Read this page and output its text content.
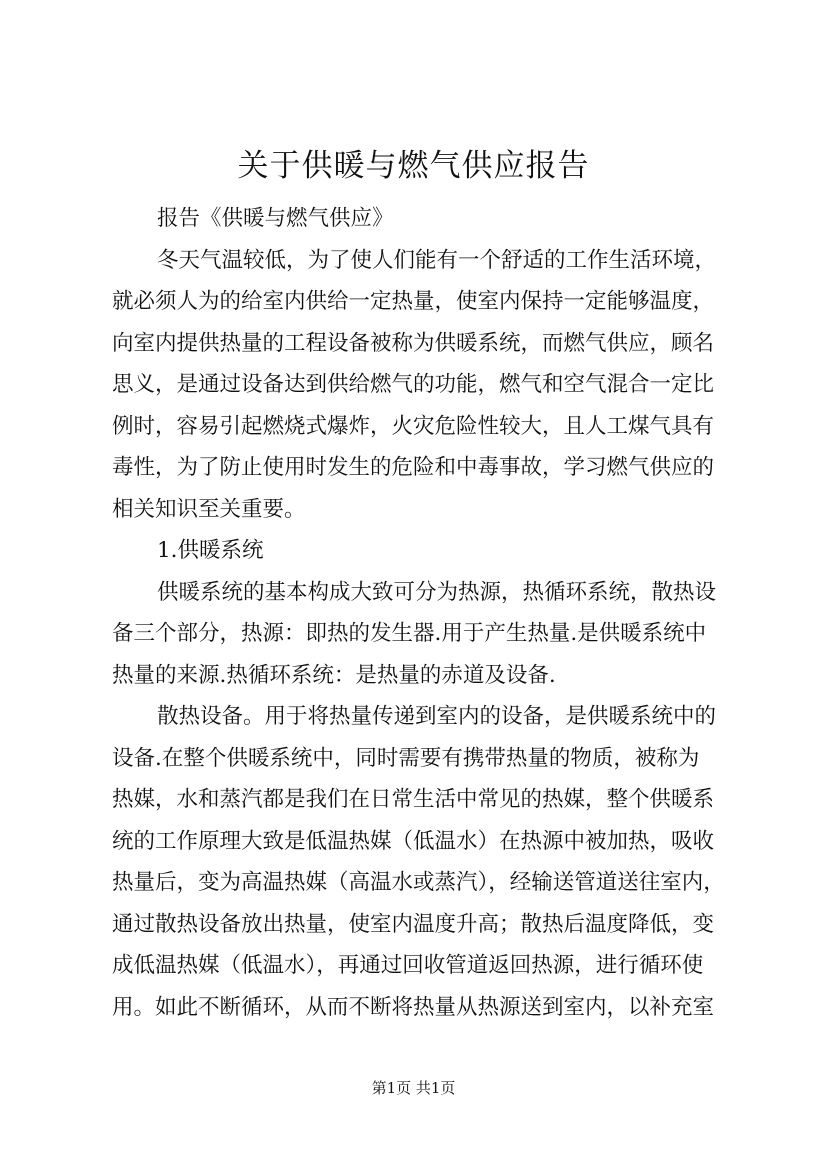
关于供暖与燃气供应报告
报告《供暖与燃气供应》
冬天气温较低，为了使人们能有一个舒适的工作生活环境，
就必须人为的给室内供给一定热量，使室内保持一定能够温度，
向室内提供热量的工程设备被称为供暖系统，而燃气供应，顾名
思义，是通过设备达到供给燃气的功能，燃气和空气混合一定比
例时，容易引起燃烧式爆炸，火灾危险性较大，且人工煤气具有
毒性，为了防止使用时发生的危险和中毒事故，学习燃气供应的
相关知识至关重要。
1.供暖系统
供暖系统的基本构成大致可分为热源，热循环系统，散热设
备三个部分，热源：即热的发生器.用于产生热量.是供暖系统中
热量的来源.热循环系统：是热量的赤道及设备.
散热设备。用于将热量传递到室内的设备，是供暖系统中的
设备.在整个供暖系统中，同时需要有携带热量的物质，被称为
热媒，水和蒸汽都是我们在日常生活中常见的热媒，整个供暖系
统的工作原理大致是低温热媒（低温水）在热源中被加热，吸收
热量后，变为高温热媒（高温水或蒸汽），经输送管道送往室内，
通过散热设备放出热量，使室内温度升高；散热后温度降低，变
成低温热媒（低温水），再通过回收管道返回热源，进行循环使
用。如此不断循环，从而不断将热量从热源送到室内，以补充室
第1页 共1页
